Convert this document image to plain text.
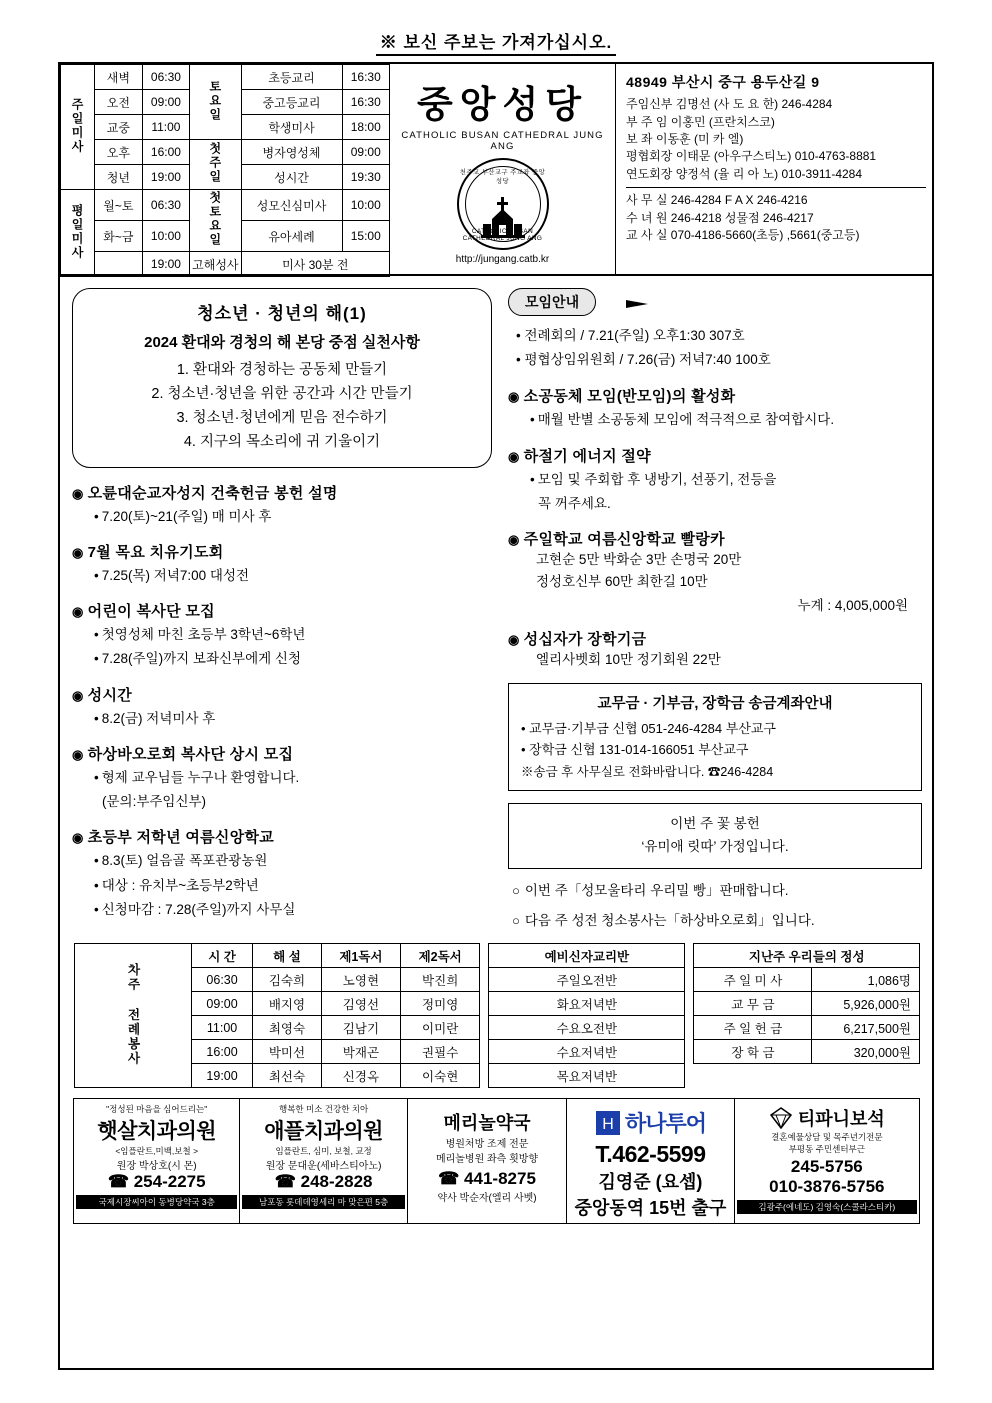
※ 보신 주보는 가져가십시오.
주일미사	새벽	06:30	토요일	초등교리	16:30
	오전	09:00		중고등교리	16:30
	교중	11:00		학생미사	18:00
	오후	16:00	첫주일	병자영성체	09:00
	청년	19:00		성시간	19:30
평일미사	월~토	06:30	첫토요일	성모신심미사	10:00
	화~금	10:00		유아세례	15:00
		19:00	고해성사	미사 30분 전	
중앙성당
CATHOLIC BUSAN CATHEDRAL JUNG ANG
천주교 부산교구 주교좌 중앙성당
CATHOLIC BUSAN CATHEDRAL JUNG ANG
http://jungang.catb.kr
48949 부산시 중구 용두산길 9
주임신부 김명선 (사 도 요 한) 246-4284
부 주 임 이홍민 (프란치스코)
보 좌 이동훈 (미 카 엘)
평협회장 이태문 (아우구스티노) 010-4763-8881
연도회장 양정석 (율 리 아 노) 010-3911-4284
사 무 실 246-4284 F A X 246-4216
수 녀 원 246-4218 성물점 246-4217
교 사 실 070-4186-5660(초등) ,5661(중고등)
청소년 · 청년의 해(1)
2024 환대와 경청의 해 본당 중점 실천사항
1. 환대와 경청하는 공동체 만들기
2. 청소년·청년을 위한 공간과 시간 만들기
3. 청소년·청년에게 믿음 전수하기
4. 지구의 목소리에 귀 기울이기
◉ 오륜대순교자성지 건축헌금 봉헌 설명
• 7.20(토)~21(주일) 매 미사 후
◉ 7월 목요 치유기도회
• 7.25(목) 저녁7:00 대성전
◉ 어린이 복사단 모집
• 첫영성체 마친 초등부 3학년~6학년
• 7.28(주일)까지 보좌신부에게 신청
◉ 성시간
• 8.2(금) 저녁미사 후
◉ 하상바오로회 복사단 상시 모집
• 형제 교우님들 누구나 환영합니다.
(문의:부주임신부)
◉ 초등부 저학년 여름신앙학교
• 8.3(토) 얼음골 폭포관광농원
• 대상 : 유치부~초등부2학년
• 신청마감 : 7.28(주일)까지 사무실
모임안내
• 전례회의 / 7.21(주일) 오후1:30 307호
• 평협상임위원회 / 7.26(금) 저녁7:40 100호
◉ 소공동체 모임(반모임)의 활성화
• 매월 반별 소공동체 모임에 적극적으로 참여합시다.
◉ 하절기 에너지 절약
• 모임 및 주회합 후 냉방기, 선풍기, 전등을
꼭 꺼주세요.
◉ 주일학교 여름신앙학교 빨랑카
고현순 5만 박화순 3만 손명국 20만
정성호신부 60만 최한길 10만
누계 : 4,005,000원
◉ 성십자가 장학기금
엘리사벳회 10만 정기회원 22만
교무금 · 기부금, 장학금 송금계좌안내
• 교무금·기부금 신협 051-246-4284 부산교구
• 장학금 신협 131-014-166051 부산교구
※송금 후 사무실로 전화바랍니다. ☎246-4284
이번 주 꽃 봉헌
‘유미애 릿따’ 가정입니다.
○ 이번 주「성모울타리 우리밀 빵」판매합니다.
○ 다음 주 성전 청소봉사는「하상바오로회」입니다.
차주 전례봉사	시 간	해 설	제1독서	제2독서
	06:30	김숙희	노영현	박진희
	09:00	배지영	김영선	정미영
	11:00	최영숙	김남기	이미란
	16:00	박미선	박재곤	권필수
	19:00	최선숙	신경옥	이숙현
예비신자교리반
주일오전반
화요저녁반
수요오전반
수요저녁반
목요저녁반
지난주 우리들의 정성	
주 일 미 사	1,086명
교 무 금	5,926,000원
주 일 헌 금	6,217,500원
장 학 금	320,000원
"정성된 마음을 심어드리는"
햇살치과의원
<임플란트,미백,보철 >
원장 박상호(시 몬)
☎ 254-2275
국제시장씨아이 동병당약국 3층
행복한 미소 건강한 치아
애플치과의원
임플란트, 심미, 보철, 교정
원장 문대운(세바스티아노)
☎ 248-2828
남포동 롯데데영세리 마 맞은편 5층
메리놀약국
병원처방 조제 전문
메리놀병원 좌측 횟방향
☎ 441-8275
약사 박순자(엘리 사벳)
H 하나투어
T.462-5599
김영준 (요셉)
중앙동역 15번 출구
티파니보석
결혼예물상담 및 목주년기전문
부평동 주민센터부근
245-5756
010-3876-5756
김광주(에네도) 김영숙(스콜라스티카)
